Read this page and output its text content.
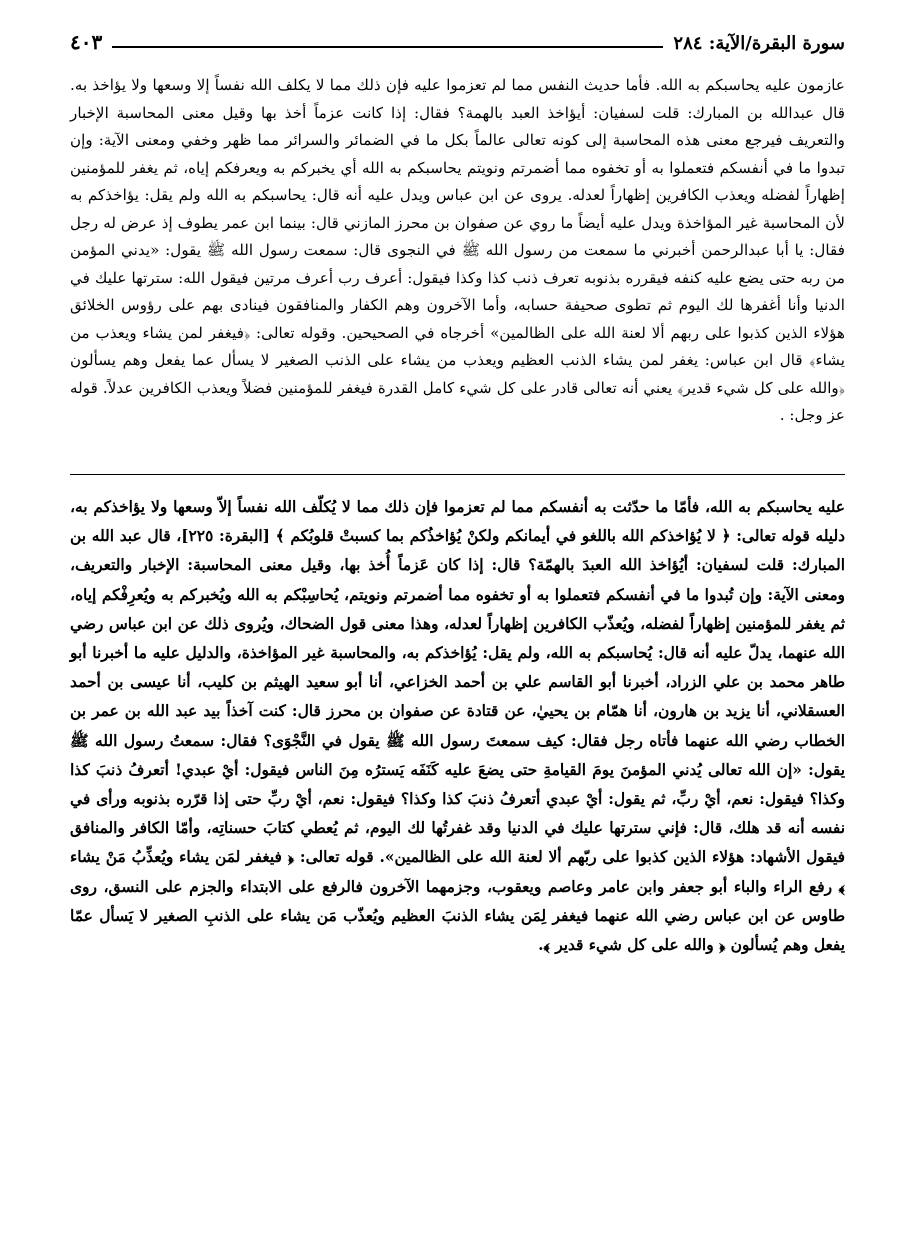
سورة البقرة/الآية: ٢٨٤
٤٠٣
عازمون عليه يحاسبكم به الله. فأما حديث النفس مما لم تعزموا عليه فإن ذلك مما لا يكلف الله نفساً إلا وسعها ولا يؤاخذ به. قال عبدالله بن المبارك: قلت لسفيان: أيؤاخذ العبد بالهمة؟ فقال: إذا كانت عزماً أخذ بها وقيل معنى المحاسبة الإخبار والتعريف فيرجع معنى هذه المحاسبة إلى كونه تعالى عالماً بكل ما في الضمائر والسرائر مما ظهر وخفي ومعنى الآية: وإن تبدوا ما في أنفسكم فتعملوا به أو تخفوه مما أضمرتم ونويتم يحاسبكم به الله أي يخبركم به ويعرفكم إياه، ثم يغفر للمؤمنين إظهاراً لفضله ويعذب الكافرين إظهاراً لعدله. يروى عن ابن عباس ويدل عليه أنه قال: يحاسبكم به الله ولم يقل: يؤاخذكم به لأن المحاسبة غير المؤاخذة ويدل عليه أيضاً ما روي عن صفوان بن محرز المازني قال: بينما ابن عمر يطوف إذ عرض له رجل فقال: يا أبا عبدالرحمن أخبرني ما سمعت من رسول الله ﷺ في النجوى قال: سمعت رسول الله ﷺ يقول: «يدني المؤمن من ربه حتى يضع عليه كنفه فيقرره بذنوبه تعرف ذنب كذا وكذا فيقول: أعرف رب أعرف مرتين فيقول الله: سترتها عليك في الدنيا وأنا أغفرها لك اليوم ثم تطوى صحيفة حسابه، وأما الآخرون وهم الكفار والمنافقون فينادى بهم على رؤوس الخلائق هؤلاء الذين كذبوا على ربهم ألا لعنة الله على الظالمين» أخرجاه في الصحيحين. وقوله تعالى: ﴿فيغفر لمن يشاء ويعذب من يشاء﴾ قال ابن عباس: يغفر لمن يشاء الذنب العظيم ويعذب من يشاء على الذنب الصغير لا يسأل عما يفعل وهم يسألون ﴿والله على كل شيء قدير﴾ يعني أنه تعالى قادر على كل شيء كامل القدرة فيغفر للمؤمنين فضلاً ويعذب الكافرين عدلاً. قوله عز وجل: .
عليه يحاسبكم به الله، فأمّا ما حدّثت به أنفسكم مما لم تعزموا فإن ذلك مما لا يُكلّف الله نفساً إلاّ وسعها ولا يؤاخذكم به، دليله قوله تعالى: ﴿ لا يُؤاخذكم الله باللغو في أيمانكم ولكنْ يُؤاخذُكم بما كسبتْ قلوبُكم ﴾ [البقرة: ٢٢٥]، قال عبد الله بن المبارك: قلت لسفيان: أيُؤاخذ الله العبدَ بالهمّة؟ قال: إذا كان عَزماً أُخذ بها، وقيل معنى المحاسبة: الإخبار والتعريف، ومعنى الآية: وإن تُبدوا ما في أنفسكم فتعملوا به أو تخفوه مما أضمرتم ونويتم، يُحاسِبْكم به الله ويُخبركم به ويُعرِفْكم إياه، ثم يغفر للمؤمنين إظهاراً لفضله، ويُعذّب الكافرين إظهاراً لعدله، وهذا معنى قول الضحاك، ويُروى ذلك عن ابن عباس رضي الله عنهما، يدلّ عليه أنه قال: يُحاسبكم به الله، ولم يقل: يُؤاخذكم به، والمحاسبة غير المؤاخذة، والدليل عليه ما أخبرنا أبو طاهر محمد بن علي الزراد، أخبرنا أبو القاسم علي بن أحمد الخزاعي، أنا أبو سعيد الهيثم بن كليب، أنا عيسى بن أحمد العسقلاني، أنا يزيد بن هارون، أنا همّام بن يحييٰ، عن قتادة عن صفوان بن محرز قال: كنت آخذاً بيد عبد الله بن عمر بن الخطاب رضي الله عنهما فأتاه رجل فقال: كيف سمعتَ رسول الله ﷺ يقول في النَّجْوَى؟ فقال: سمعتُ رسول الله ﷺ يقول: «إن الله تعالى يُدني المؤمنَ يومَ القيامةِ حتى يضعَ عليه كَنَفَه يَسترُه مِنَ الناس فيقول: أيْ عبدي! أتعرفُ ذنبَ كذا وكذا؟ فيقول: نعم، أيْ ربِّ، ثم يقول: أيْ عبدي أتعرفُ ذنبَ كذا وكذا؟ فيقول: نعم، أيْ ربِّ حتى إذا قرّره بذنوبه ورأى في نفسه أنه قد هلك، قال: فإني سترتها عليك في الدنيا وقد غفرتُها لك اليوم، ثم يُعطي كتابَ حسناتِه، وأمّا الكافر والمنافق فيقول الأشهاد: هؤلاء الذين كذبوا على ربّهم ألا لعنة الله على الظالمين». قوله تعالى: ﴿ فيغفر لمَن يشاء ويُعذِّبُ مَنْ يشاء ﴾ رفع الراء والباء أبو جعفر وابن عامر وعاصم ويعقوب، وجزمهما الآخرون فالرفع على الابتداء والجزم على النسق، روى طاوس عن ابن عباس رضي الله عنهما فيغفر لِمَن يشاء الذنبَ العظيم ويُعذّب مَن يشاء على الذنبِ الصغير لا يَسأل عمّا يفعل وهم يُسألون ﴿ والله على كل شيء قدير ﴾.
